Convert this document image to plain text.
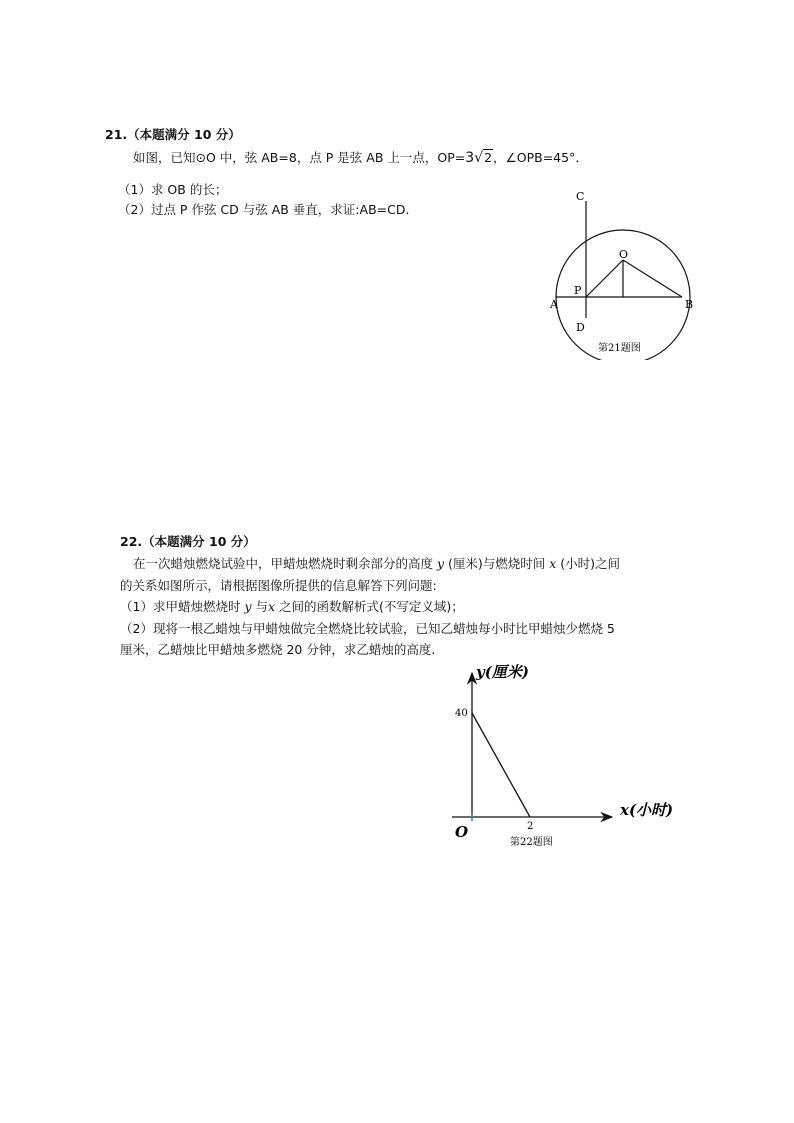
21.（本题满分 10 分）
如图，已知⊙O 中，弦 AB=8，点 P 是弦 AB 上一点，OP=3√2，∠OPB=45°．
（1）求 OB 的长；
（2）过点 P 作弦 CD 与弦 AB 垂直，求证:AB=CD.
C
O
A
P
B
D
第21题图
22.（本题满分 10 分）
在一次蜡烛燃烧试验中，甲蜡烛燃烧时剩余部分的高度 y (厘米)与燃烧时间 x (小时)之间
的关系如图所示，请根据图像所提供的信息解答下列问题:
（1）求甲蜡烛燃烧时 y 与x 之间的函数解析式(不写定义域)；
（2）现将一根乙蜡烛与甲蜡烛做完全燃烧比较试验，已知乙蜡烛每小时比甲蜡烛少燃烧 5
厘米，乙蜡烛比甲蜡烛多燃烧 20 分钟，求乙蜡烛的高度.
y(厘米)
x(小时)
O
40
2
第22题图
